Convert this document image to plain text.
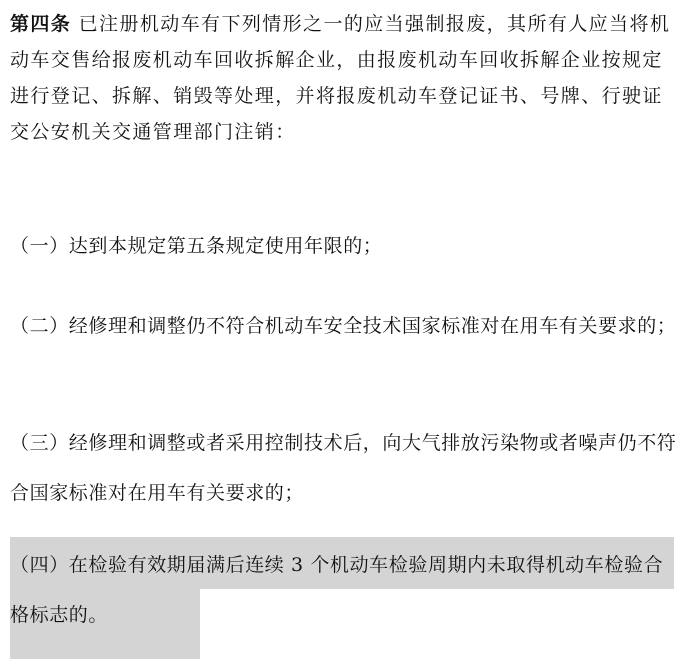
第四条 已注册机动车有下列情形之一的应当强制报废，其所有人应当将机动车交售给报废机动车回收拆解企业，由报废机动车回收拆解企业按规定进行登记、拆解、销毁等处理，并将报废机动车登记证书、号牌、行驶证交公安机关交通管理部门注销：

（一）达到本规定第五条规定使用年限的；

（二）经修理和调整仍不符合机动车安全技术国家标准对在用车有关要求的；

（三）经修理和调整或者采用控制技术后，向大气排放污染物或者噪声仍不符合国家标准对在用车有关要求的；

（四）在检验有效期届满后连续 3 个机动车检验周期内未取得机动车检验合格标志的。
